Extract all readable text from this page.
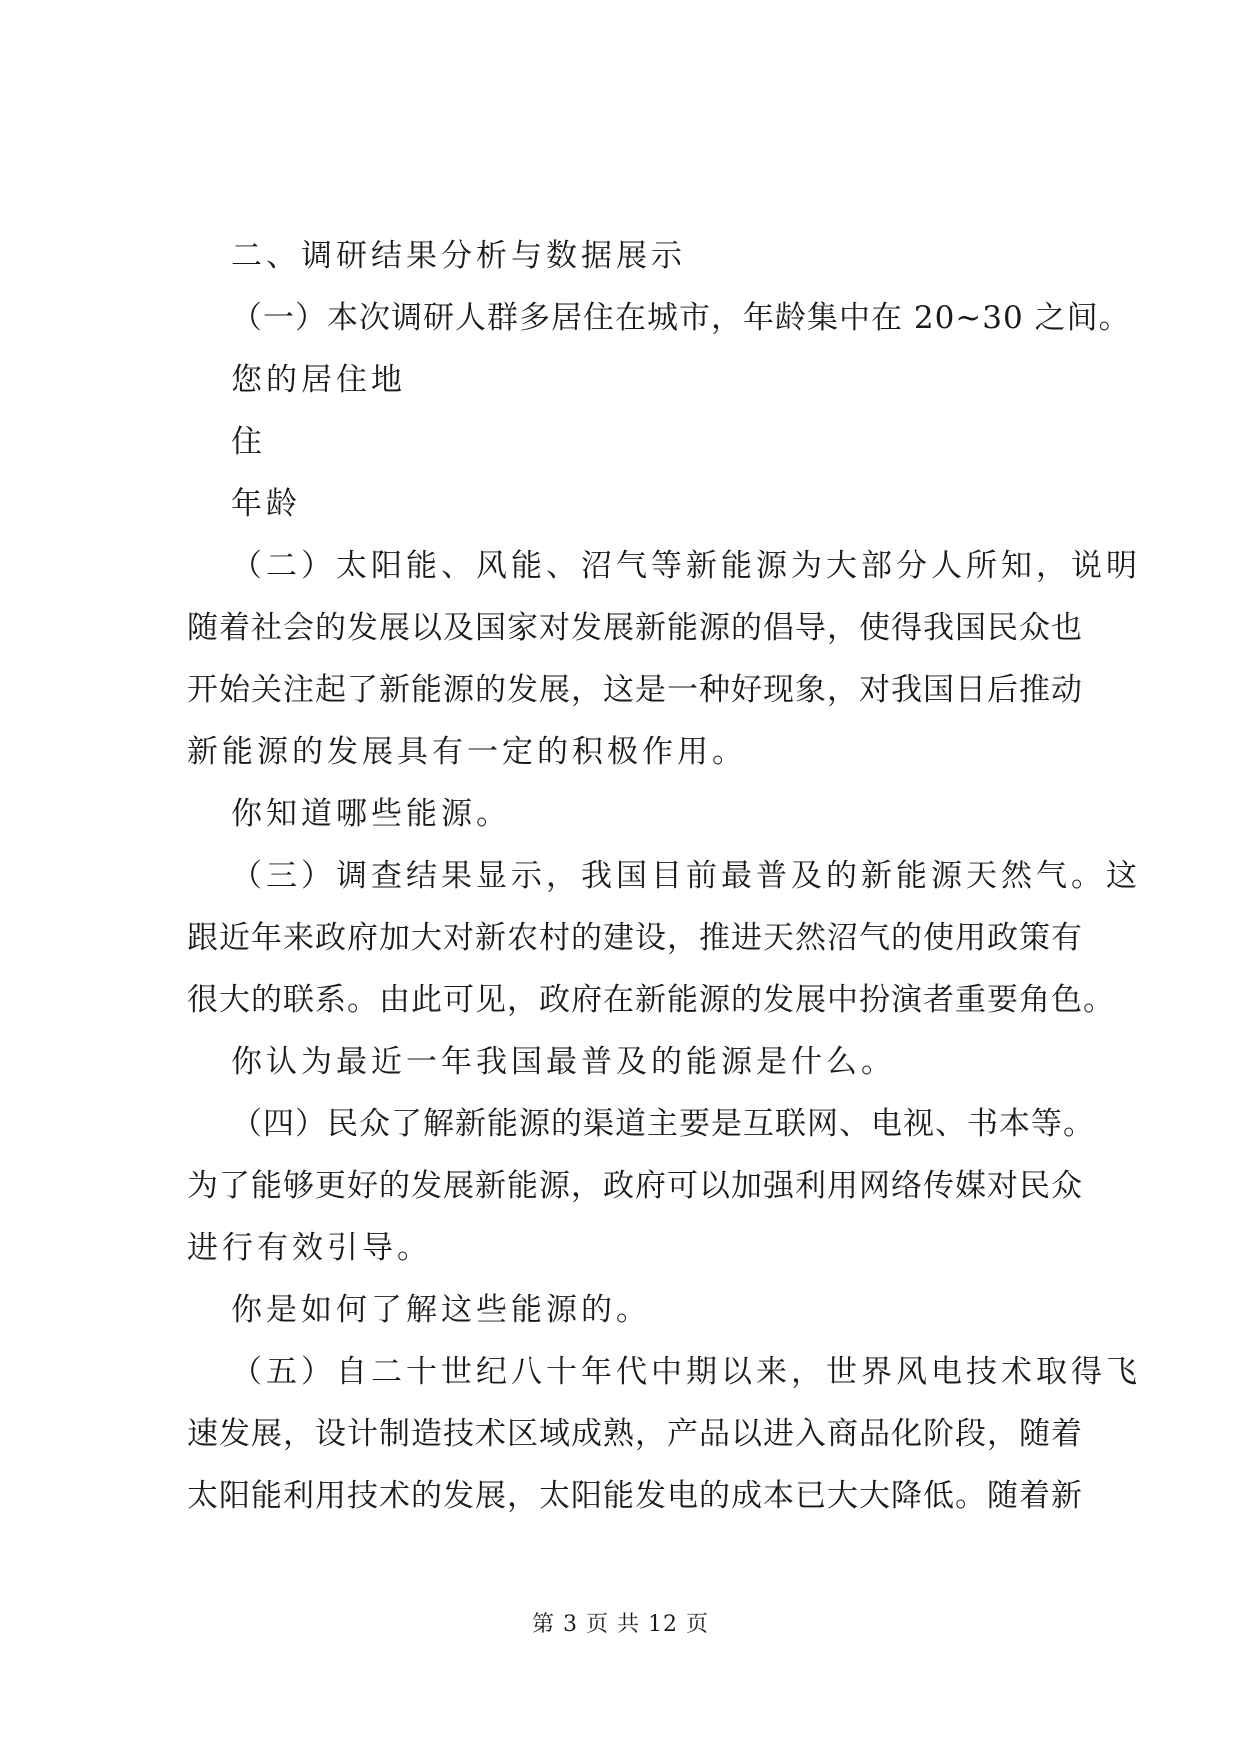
二、调研结果分析与数据展示
（一）本次调研人群多居住在城市，年龄集中在 20~30 之间。
您的居住地
住
年龄
（二）太阳能、风能、沼气等新能源为大部分人所知，说明
随着社会的发展以及国家对发展新能源的倡导，使得我国民众也
开始关注起了新能源的发展，这是一种好现象，对我国日后推动
新能源的发展具有一定的积极作用。
你知道哪些能源。
（三）调查结果显示，我国目前最普及的新能源天然气。这
跟近年来政府加大对新农村的建设，推进天然沼气的使用政策有
很大的联系。由此可见，政府在新能源的发展中扮演者重要角色。
你认为最近一年我国最普及的能源是什么。
（四）民众了解新能源的渠道主要是互联网、电视、书本等。
为了能够更好的发展新能源，政府可以加强利用网络传媒对民众
进行有效引导。
你是如何了解这些能源的。
（五）自二十世纪八十年代中期以来，世界风电技术取得飞
速发展，设计制造技术区域成熟，产品以进入商品化阶段，随着
太阳能利用技术的发展，太阳能发电的成本已大大降低。随着新
第 3 页 共 12 页
